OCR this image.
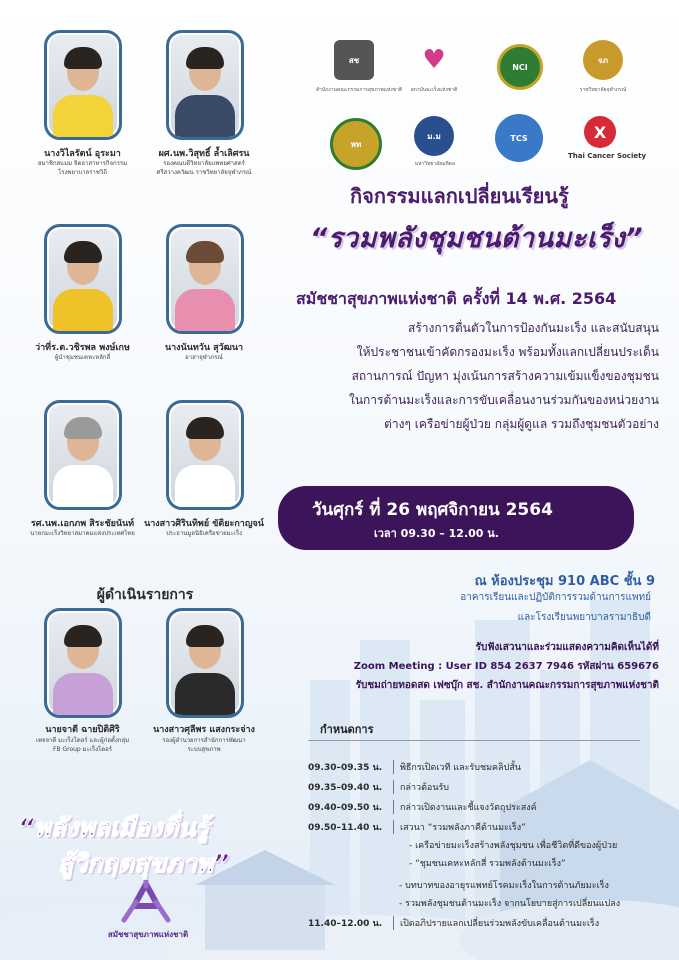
นางวิไลรัตน์ อุระมา
สมาชิกสแมม จิตอาสาหารกิจกรรม
โรงพยาบาลราชวิถี
ผศ.นพ.วิสุทธิ์ ล้ำเลิศรน
รองคณบดีวิทยาลัยแพทยศาสตร์
ศรีสวางควัฒน ราชวิทยาลัยจุฬาภรณ์
ว่าที่ร.ต.วชิรพล พงษ์เกษ
ผู้นำชุมชนเคหะหลักสี่
นางนันทวัน สุวัฒนา
อาสาจุฬาภรณ์
รศ.นพ.เอกภพ สิระชัยนันท์
นายกมะเร็งวิทยาสมาคมแห่งประเทศไทย
นางสาวศิรินทิพย์ ขัติยะกาญจน์
ประธานมูลนิธิเครือข่ายมะเร็ง
ผู้ดำเนินรายการ
นายจาตี ฉายปิติศิริ
เพจจาตี มะเร็งโตอร์ และผู้ก่อตั้งกลุ่ม
FB Group มะเร็งโตอร์
นางสาวศุลีพร แสงกระจ่าง
รองผู้อำนวยการสำนักการพัฒนา
ระบบสุขภาพ
สช
สำนักงานคณะกรรมการสุขภาพแห่งชาติ
♥
สถาบันมะเร็งแห่งชาติ
NCI
จภ
ราชวิทยาลัยจุฬาภรณ์
พท
ม.ม
มหาวิทยาลัยมหิดล
TCS	X
Thai Cancer Society
กิจกรรมแลกเปลี่ยนเรียนรู้
“รวมพลังชุมชนต้านมะเร็ง”
สมัชชาสุขภาพแห่งชาติ ครั้งที่ 14 พ.ศ. 2564
สร้างการตื่นตัวในการป้องกันมะเร็ง และสนับสนุน
ให้ประชาชนเข้าคัดกรองมะเร็ง พร้อมทั้งแลกเปลี่ยนประเด็น
สถานการณ์ ปัญหา มุ่งเน้นการสร้างความเข้มแข็งของชุมชน
ในการต้านมะเร็งและการขับเคลื่อนงานร่วมกันของหน่วยงาน
ต่างๆ เครือข่ายผู้ป่วย กลุ่มผู้ดูแล รวมถึงชุมชนตัวอย่าง
วันศุกร์ ที่ 26 พฤศจิกายน 2564
เวลา 09.30 – 12.00 น.
ณ ห้องประชุม 910 ABC ชั้น 9
อาคารเรียนและปฏิบัติการรวมด้านการแพทย์
และโรงเรียนพยาบาลรามาธิบดี
รับฟังเสวนาและร่วมแสดงความคิดเห็นได้ที่
Zoom Meeting : User ID 854 2637 7946 รหัสผ่าน 659676
รับชมถ่ายทอดสด เฟซบุ๊ก สช. สำนักงานคณะกรรมการสุขภาพแห่งชาติ
กำหนดการ
09.30–09.35 น.	พิธีกรเปิดเวที และรับชมคลิปสั้น
09.35–09.40 น.	กล่าวต้อนรับ
09.40–09.50 น.	กล่าวเปิดงานและชี้แจงวัตถุประสงค์
09.50–11.40 น.	เสวนา “รวมพลังภาคีต้านมะเร็ง”
- เครือข่ายมะเร็งสร้างพลังชุมชน เพื่อชีวิตที่ดีของผู้ป่วย
- “ชุมชนเคหะหลักสี่ รวมพลังต้านมะเร็ง”
- บทบาทของอายุรแพทย์โรคมะเร็งในการต้านภัยมะเร็ง
- รวมพลังชุมชนต้านมะเร็ง จากนโยบายสู่การเปลี่ยนแปลง
11.40–12.00 น.	เปิดอภิปรายแลกเปลี่ยนร่วมพลังขับเคลื่อนต้านมะเร็ง
“พลังพลเมืองตื่นรู้
สู้วิกฤตสุขภาพ”
สมัชชาสุขภาพแห่งชาติ
